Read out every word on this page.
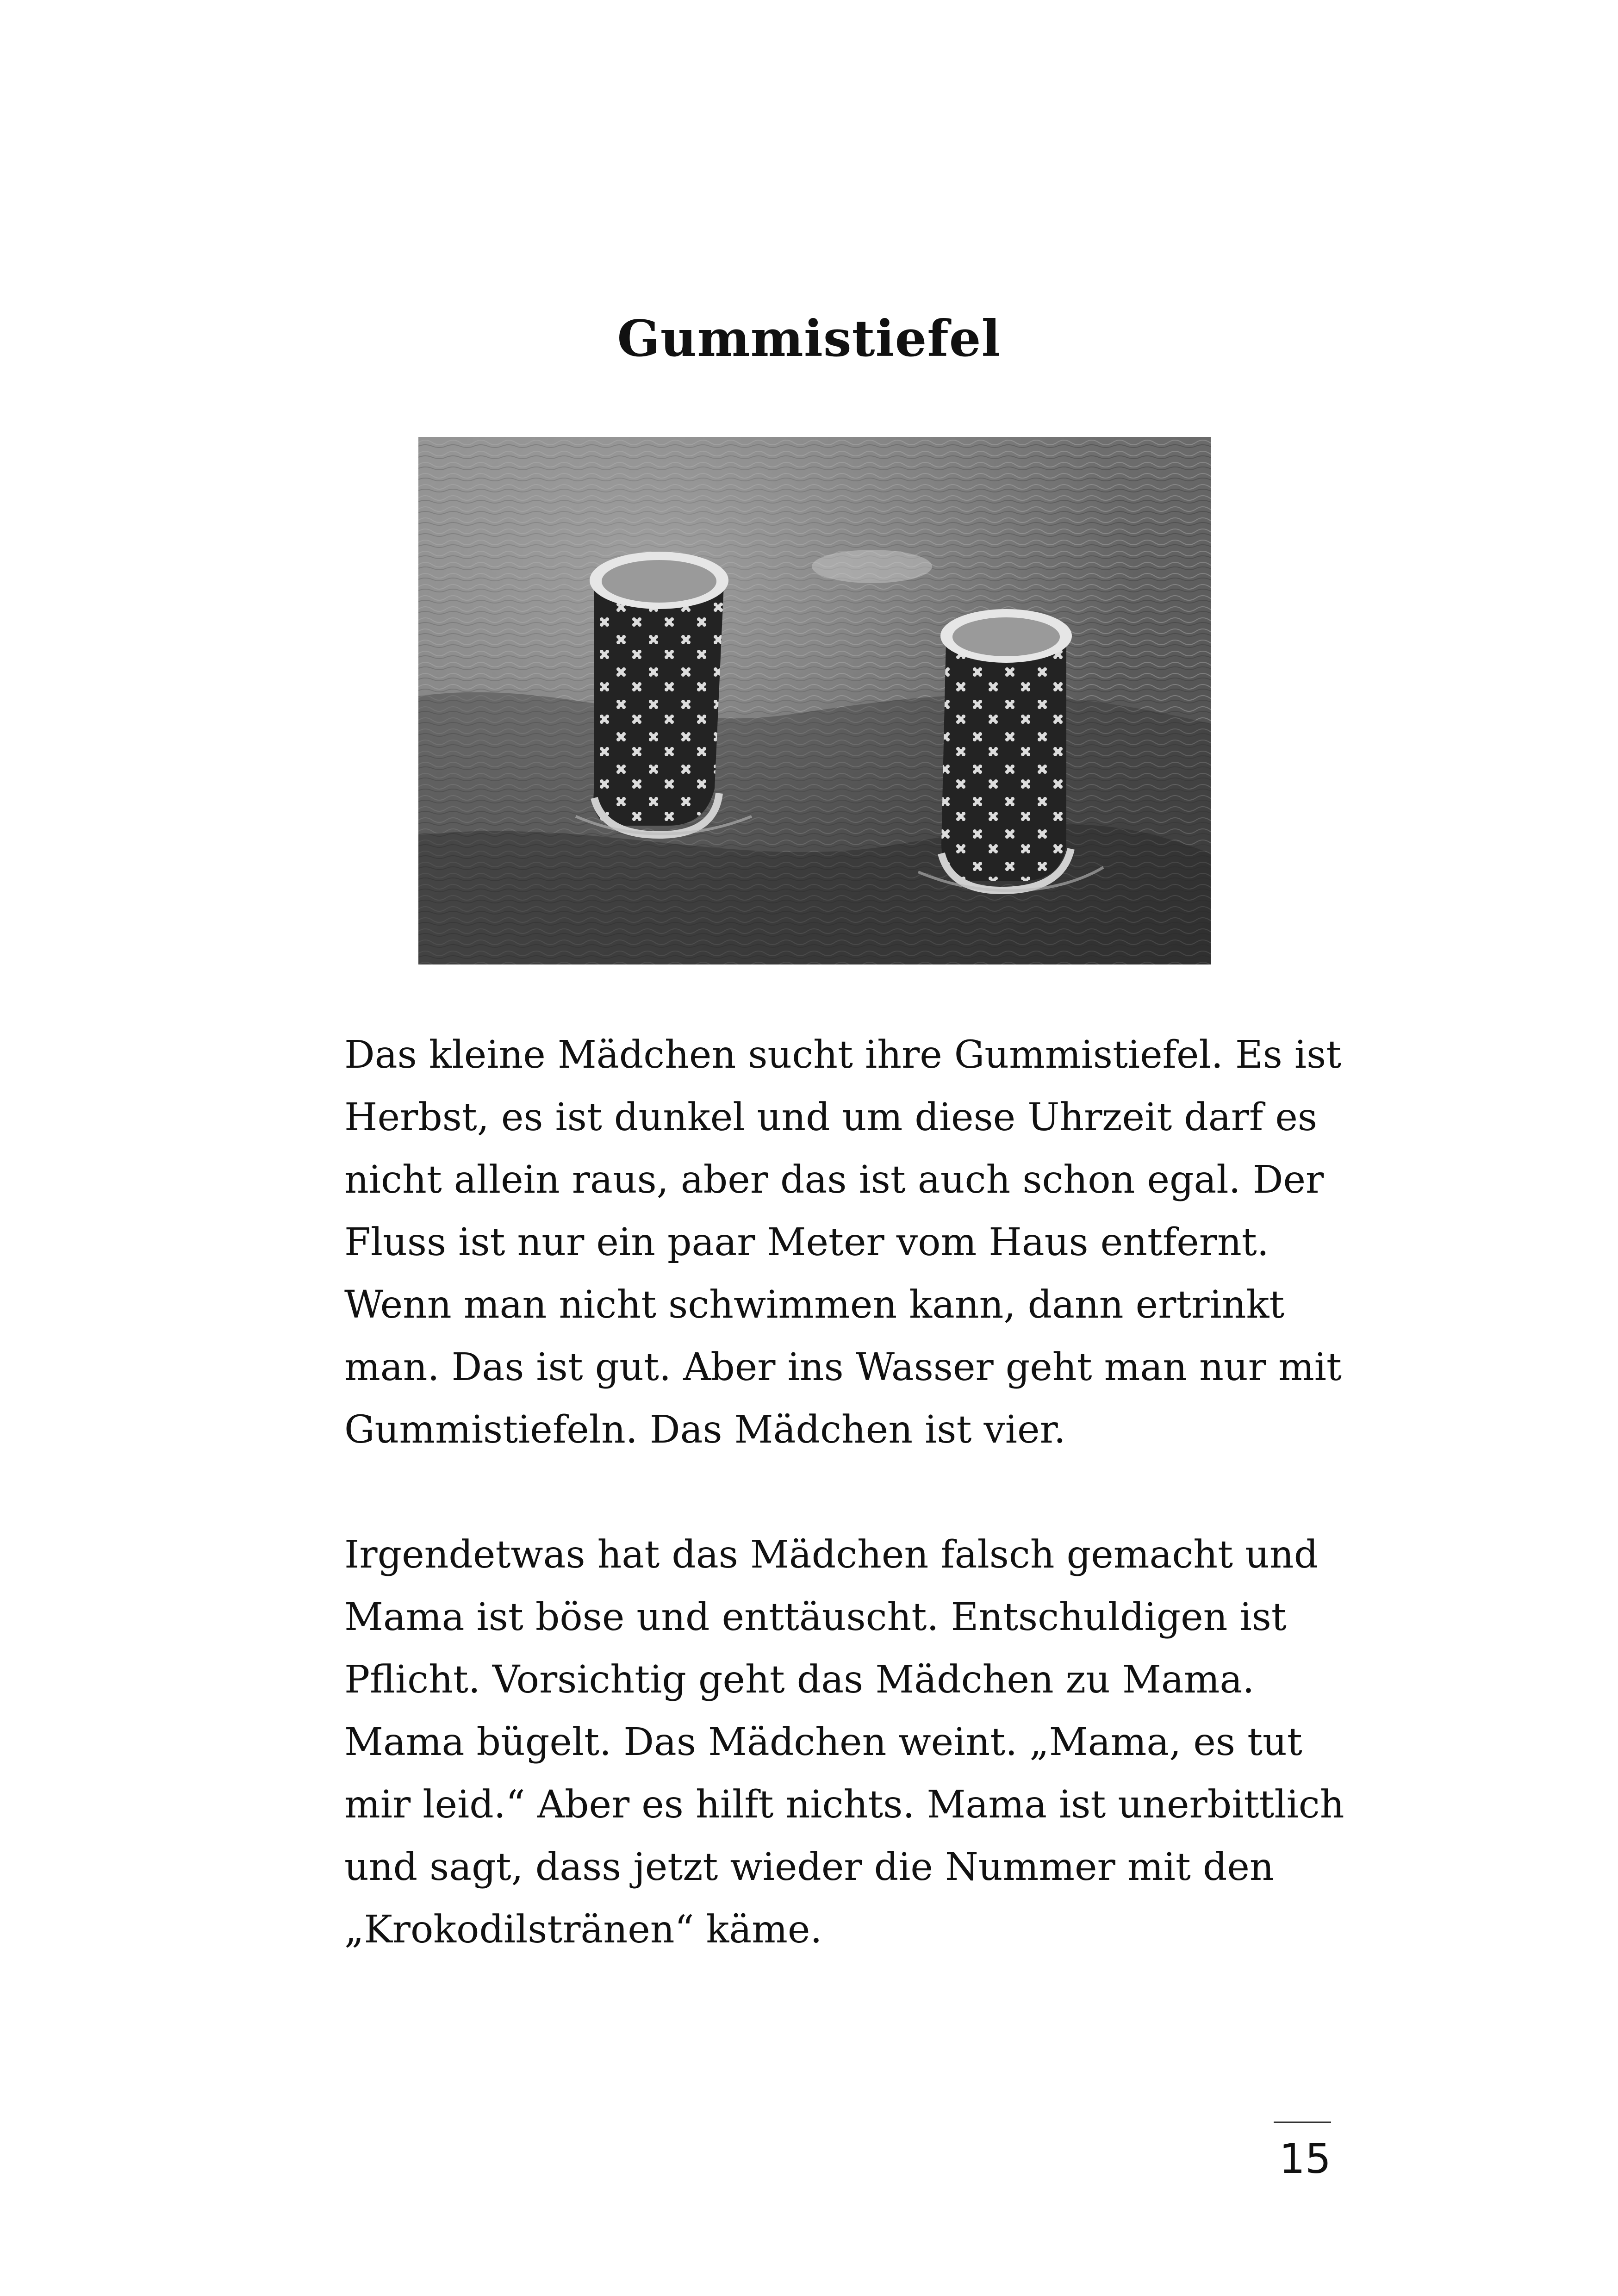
Gummistiefel

Das kleine Mädchen sucht ihre Gummistiefel. Es ist
Herbst, es ist dunkel und um diese Uhrzeit darf es
nicht allein raus, aber das ist auch schon egal. Der
Fluss ist nur ein paar Meter vom Haus entfernt.
Wenn man nicht schwimmen kann, dann ertrinkt
man. Das ist gut. Aber ins Wasser geht man nur mit
Gummistiefeln. Das Mädchen ist vier.

Irgendetwas hat das Mädchen falsch gemacht und
Mama ist böse und enttäuscht. Entschuldigen ist
Pflicht. Vorsichtig geht das Mädchen zu Mama.
Mama bügelt. Das Mädchen weint. „Mama, es tut
mir leid.“ Aber es hilft nichts. Mama ist unerbittlich
und sagt, dass jetzt wieder die Nummer mit den
„Krokodilstränen“ käme.

15
